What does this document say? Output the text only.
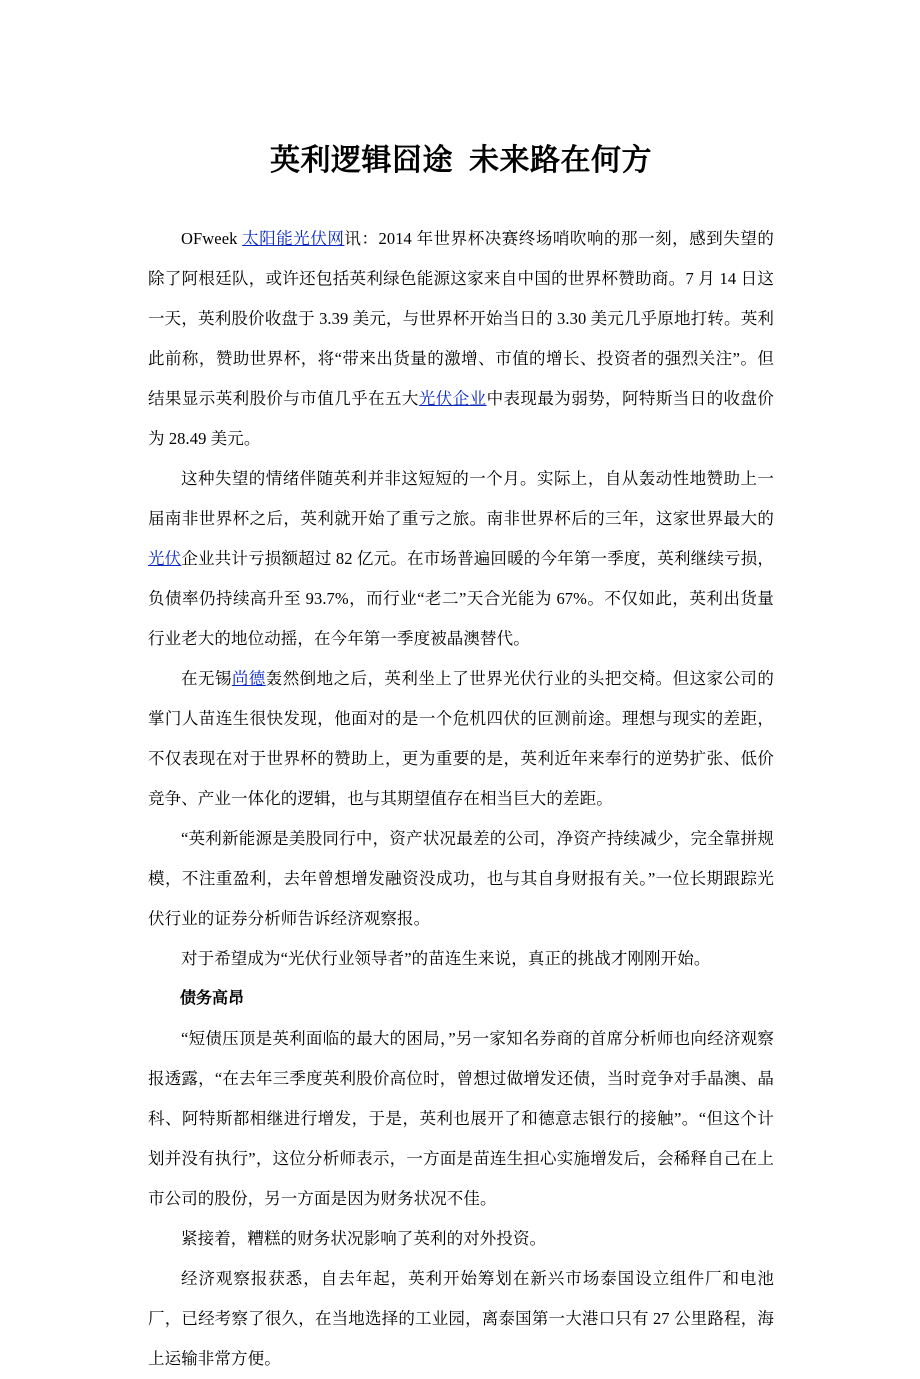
英利逻辑囧途 未来路在何方

OFweek 太阳能光伏网讯：2014 年世界杯决赛终场哨吹响的那一刻，感到失望的除了阿根廷队，或许还包括英利绿色能源这家来自中国的世界杯赞助商。7 月 14 日这一天，英利股价收盘于 3.39 美元，与世界杯开始当日的 3.30 美元几乎原地打转。英利此前称，赞助世界杯，将“带来出货量的激增、市值的增长、投资者的强烈关注”。但结果显示英利股价与市值几乎在五大光伏企业中表现最为弱势，阿特斯当日的收盘价为 28.49 美元。

这种失望的情绪伴随英利并非这短短的一个月。实际上，自从轰动性地赞助上一届南非世界杯之后，英利就开始了重亏之旅。南非世界杯后的三年，这家世界最大的光伏企业共计亏损额超过 82 亿元。在市场普遍回暖的今年第一季度，英利继续亏损，负债率仍持续高升至 93.7%，而行业“老二”天合光能为 67%。不仅如此，英利出货量行业老大的地位动摇，在今年第一季度被晶澳替代。

在无锡尚德轰然倒地之后，英利坐上了世界光伏行业的头把交椅。但这家公司的掌门人苗连生很快发现，他面对的是一个危机四伏的叵测前途。理想与现实的差距，不仅表现在对于世界杯的赞助上，更为重要的是，英利近年来奉行的逆势扩张、低价竞争、产业一体化的逻辑，也与其期望值存在相当巨大的差距。

“英利新能源是美股同行中，资产状况最差的公司，净资产持续减少，完全靠拼规模，不注重盈利，去年曾想增发融资没成功，也与其自身财报有关。”一位长期跟踪光伏行业的证券分析师告诉经济观察报。

对于希望成为“光伏行业领导者”的苗连生来说，真正的挑战才刚刚开始。

债务高昂

“短债压顶是英利面临的最大的困局，”另一家知名券商的首席分析师也向经济观察报透露，“在去年三季度英利股价高位时，曾想过做增发还债，当时竞争对手晶澳、晶科、阿特斯都相继进行增发，于是，英利也展开了和德意志银行的接触”。“但这个计划并没有执行”，这位分析师表示，一方面是苗连生担心实施增发后，会稀释自己在上市公司的股份，另一方面是因为财务状况不佳。

紧接着，糟糕的财务状况影响了英利的对外投资。

经济观察报获悉，自去年起，英利开始筹划在新兴市场泰国设立组件厂和电池厂，已经考察了很久，在当地选择的工业园，离泰国第一大港口只有 27 公里路程，海上运输非常方便。
